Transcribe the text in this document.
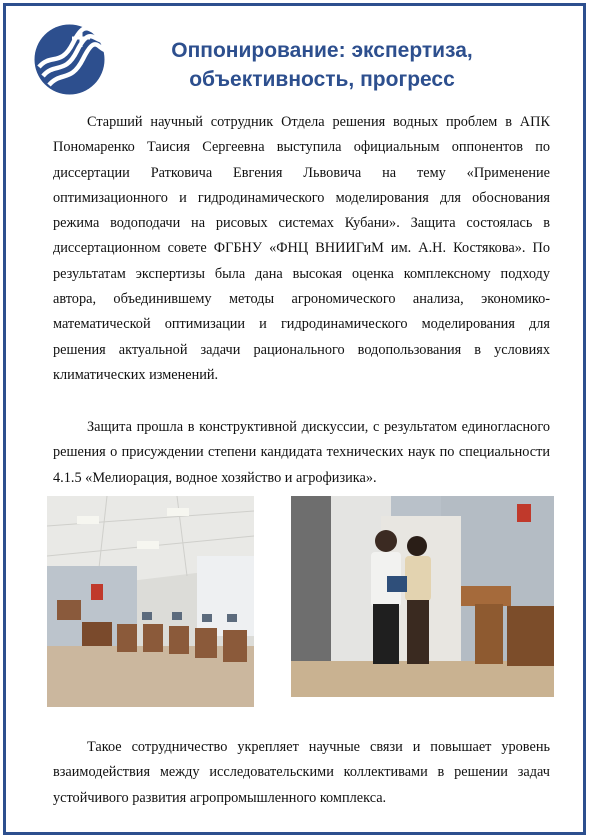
Оппонирование: экспертиза,
объективность, прогресс

Старший научный сотрудник Отдела решения водных проблем в АПК Пономаренко Таисия Сергеевна выступила официальным оппонентов по диссертации Ратковича Евгения Львовича на тему «Применение оптимизационного и гидродинамического моделирования для обоснования режима водоподачи на рисовых системах Кубани». Защита состоялась в диссертационном совете ФГБНУ «ФНЦ ВНИИГиМ им. А.Н. Костякова». По результатам экспертизы была дана высокая оценка комплексному подходу автора, объединившему методы агрономического анализа, экономико-математической оптимизации и гидродинамического моделирования для решения актуальной задачи рационального водопользования в условиях климатических изменений.

Защита прошла в конструктивной дискуссии, с результатом единогласного решения о присуждении степени кандидата технических наук по специальности 4.1.5 «Мелиорация, водное хозяйство и агрофизика».

Такое сотрудничество укрепляет научные связи и повышает уровень взаимодействия между исследовательскими коллективами в решении задач устойчивого развития агропромышленного комплекса.
